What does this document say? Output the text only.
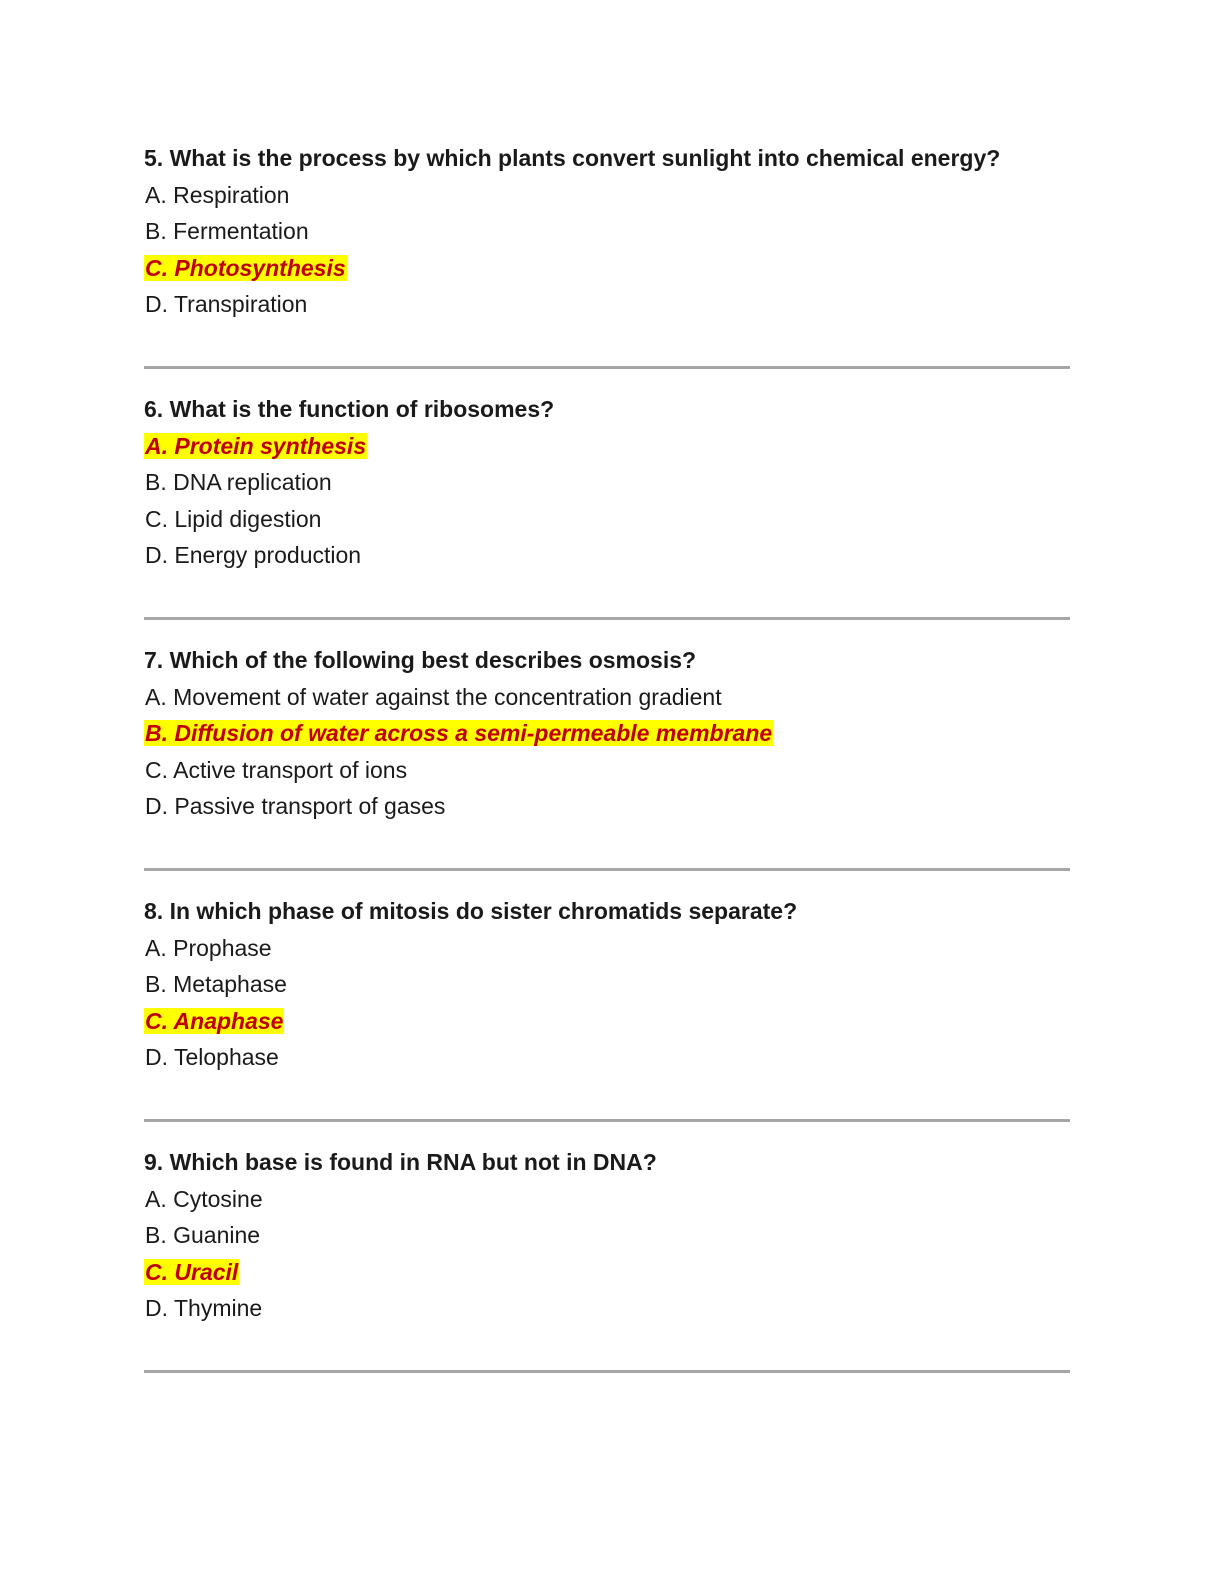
5. What is the process by which plants convert sunlight into chemical energy?

A. Respiration

B. Fermentation

C. Photosynthesis

D. Transpiration

6. What is the function of ribosomes?

A. Protein synthesis

B. DNA replication

C. Lipid digestion

D. Energy production

7. Which of the following best describes osmosis?

A. Movement of water against the concentration gradient

B. Diffusion of water across a semi-permeable membrane

C. Active transport of ions

D. Passive transport of gases

8. In which phase of mitosis do sister chromatids separate?

A. Prophase

B. Metaphase

C. Anaphase

D. Telophase

9. Which base is found in RNA but not in DNA?

A. Cytosine

B. Guanine

C. Uracil

D. Thymine
